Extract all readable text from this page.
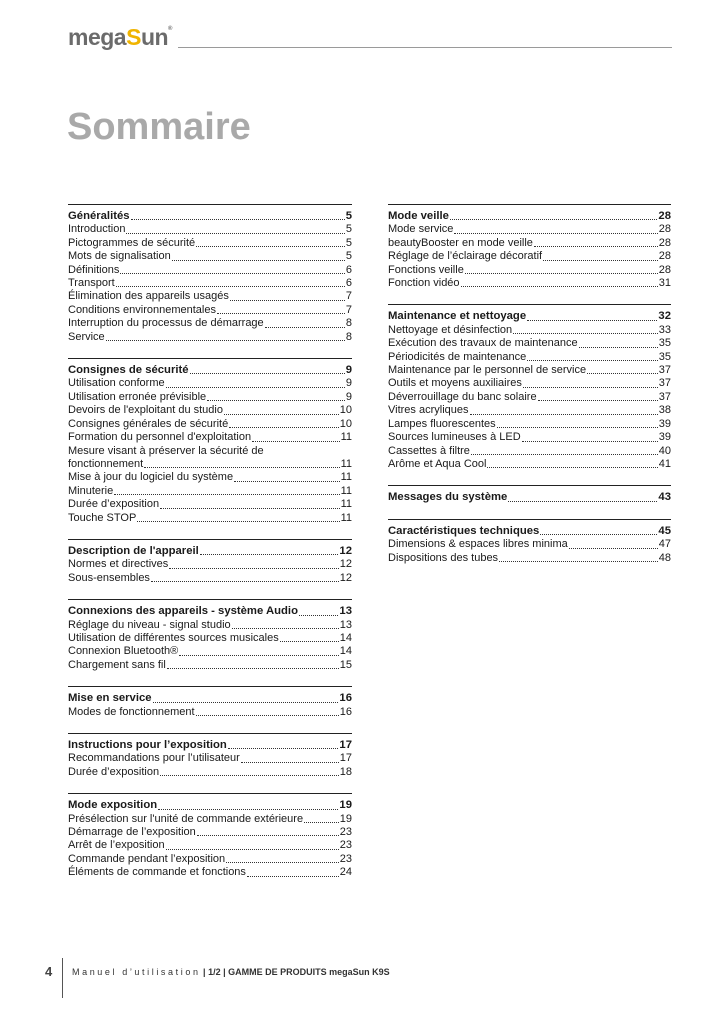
megaSun®
Sommaire
Généralités	5
Introduction	5
Pictogrammes de sécurité	5
Mots de signalisation	5
Définitions	6
Transport	6
Élimination des appareils usagés	7
Conditions environnementales	7
Interruption du processus de démarrage	8
Service	8
Consignes de sécurité	9
Utilisation conforme	9
Utilisation erronée prévisible	9
Devoirs de l'exploitant du studio	10
Consignes générales de sécurité	10
Formation du personnel d'exploitation	11
Mesure visant à préserver la sécurité de
fonctionnement	11
Mise à jour du logiciel du système	11
Minuterie	11
Durée d’exposition	11
Touche STOP	11
Description de l'appareil	12
Normes et directives	12
Sous-ensembles	12
Connexions des appareils - système Audio	13
Réglage du niveau - signal studio	13
Utilisation de différentes sources musicales	14
Connexion Bluetooth®	14
Chargement sans fil	15
Mise en service	16
Modes de fonctionnement	16
Instructions pour l’exposition	17
Recommandations pour l’utilisateur	17
Durée d’exposition	18
Mode exposition	19
Présélection sur l'unité de commande extérieure	19
Démarrage de l’exposition	23
Arrêt de l’exposition	23
Commande pendant l’exposition	23
Éléments de commande et fonctions	24
Mode veille	28
Mode service	28
beautyBooster en mode veille	28
Réglage de l’éclairage décoratif	28
Fonctions veille	28
Fonction vidéo	31
Maintenance et nettoyage	32
Nettoyage et désinfection	33
Exécution des travaux de maintenance	35
Périodicités de maintenance	35
Maintenance par le personnel de service	37
Outils et moyens auxiliaires	37
Déverrouillage du banc solaire	37
Vitres acryliques	38
Lampes fluorescentes	39
Sources lumineuses à LED	39
Cassettes à filtre	40
Arôme et Aqua Cool	41
Messages du système	43
Caractéristiques techniques	45
Dimensions & espaces libres minima	47
Dispositions des tubes	48
4 Manuel d’utilisation | 1/2 | GAMME DE PRODUITS megaSun K9S
